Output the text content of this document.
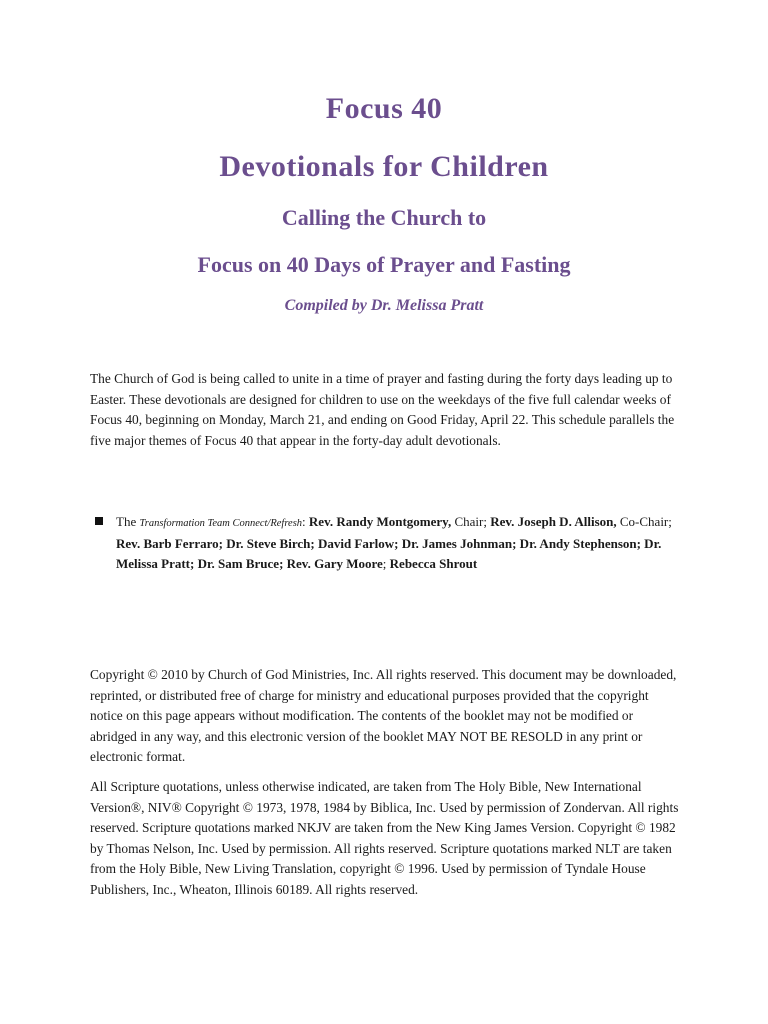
Focus 40
Devotionals for Children
Calling the Church to
Focus on 40 Days of Prayer and Fasting
Compiled by Dr. Melissa Pratt
The Church of God is being called to unite in a time of prayer and fasting during the forty days leading up to Easter. These devotionals are designed for children to use on the weekdays of the five full calendar weeks of Focus 40, beginning on Monday, March 21, and ending on Good Friday, April 22. This schedule parallels the five major themes of Focus 40 that appear in the forty-day adult devotionals.
The Transformation Team Connect/Refresh: Rev. Randy Montgomery, Chair; Rev. Joseph D. Allison, Co-Chair; Rev. Barb Ferraro; Dr. Steve Birch; David Farlow; Dr. James Johnman; Dr. Andy Stephenson; Dr. Melissa Pratt; Dr. Sam Bruce; Rev. Gary Moore; Rebecca Shrout
Copyright © 2010 by Church of God Ministries, Inc. All rights reserved. This document may be downloaded, reprinted, or distributed free of charge for ministry and educational purposes provided that the copyright notice on this page appears without modification. The contents of the booklet may not be modified or abridged in any way, and this electronic version of the booklet MAY NOT BE RESOLD in any print or electronic format.
All Scripture quotations, unless otherwise indicated, are taken from The Holy Bible, New International Version®, NIV® Copyright © 1973, 1978, 1984 by Biblica, Inc. Used by permission of Zondervan. All rights reserved. Scripture quotations marked NKJV are taken from the New King James Version. Copyright © 1982 by Thomas Nelson, Inc. Used by permission. All rights reserved. Scripture quotations marked NLT are taken from the Holy Bible, New Living Translation, copyright © 1996. Used by permission of Tyndale House Publishers, Inc., Wheaton, Illinois 60189. All rights reserved.
